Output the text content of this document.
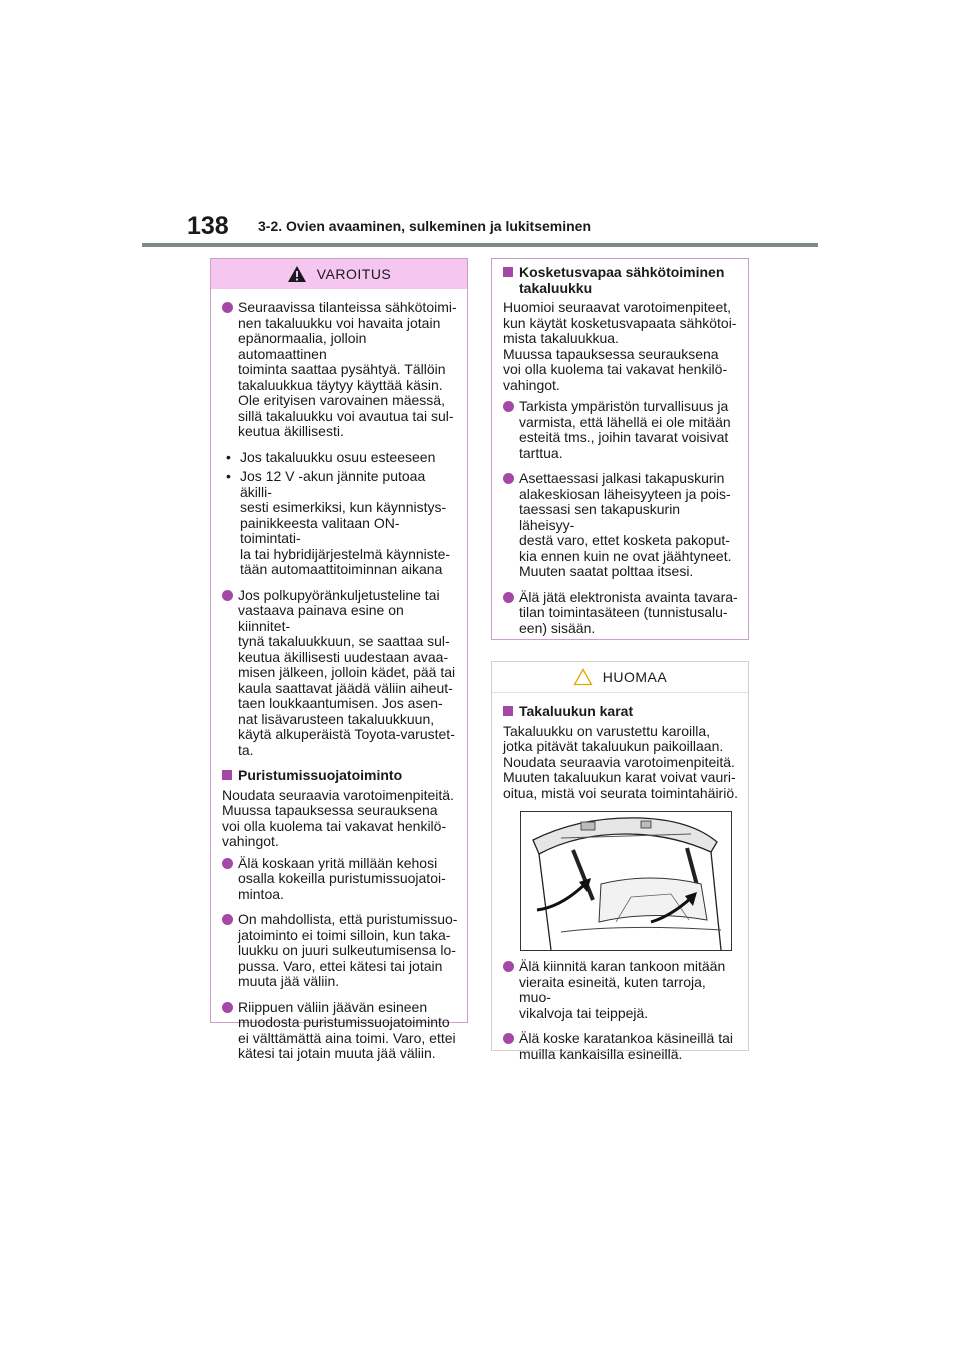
138 3-2. Ovien avaaminen, sulkeminen ja lukitseminen
VAROITUS
Seuraavissa tilanteissa sähkötoimi-
nen takaluukku voi havaita jotain
epänormaalia, jolloin automaattinen
toiminta saattaa pysähtyä. Tällöin
takaluukkua täytyy käyttää käsin.
Ole erityisen varovainen mäessä,
sillä takaluukku voi avautua tai sul-
keutua äkillisesti.
• Jos takaluukku osuu esteeseen
• Jos 12 V -akun jännite putoaa äkilli-
sesti esimerkiksi, kun käynnistys-
painikkeesta valitaan ON-toimintati-
la tai hybridijärjestelmä käynniste-
tään automaattitoiminnan aikana
Jos polkupyöränkuljetusteline tai
vastaava painava esine on kiinnitet-
tynä takaluukkuun, se saattaa sul-
keutua äkillisesti uudestaan avaa-
misen jälkeen, jolloin kädet, pää tai
kaula saattavat jäädä väliin aiheut-
taen loukkaantumisen. Jos asen-
nat lisävarusteen takaluukkuun,
käytä alkuperäistä Toyota-varustet-
ta.
Puristumissuojatoiminto
Noudata seuraavia varotoimenpiteitä.
Muussa tapauksessa seurauksena
voi olla kuolema tai vakavat henkilö-
vahingot.
Älä koskaan yritä millään kehosi
osalla kokeilla puristumissuojatoi-
mintoa.
On mahdollista, että puristumissuo-
jatoiminto ei toimi silloin, kun taka-
luukku on juuri sulkeutumisensa lo-
pussa. Varo, ettei kätesi tai jotain
muuta jää väliin.
Riippuen väliin jäävän esineen
muodosta puristumissuojatoiminto
ei välttämättä aina toimi. Varo, ettei
kätesi tai jotain muuta jää väliin.
Kosketusvapaa sähkötoiminen
takaluukku
Huomioi seuraavat varotoimenpiteet,
kun käytät kosketusvapaata sähkötoi-
mista takaluukkua.
Muussa tapauksessa seurauksena
voi olla kuolema tai vakavat henkilö-
vahingot.
Tarkista ympäristön turvallisuus ja
varmista, että lähellä ei ole mitään
esteitä tms., joihin tavarat voisivat
tarttua.
Asettaessasi jalkasi takapuskurin
alakeskiosan läheisyyteen ja pois-
taessasi sen takapuskurin läheisyy-
destä varo, ettet kosketa pakoput-
kia ennen kuin ne ovat jäähtyneet.
Muuten saatat polttaa itsesi.
Älä jätä elektronista avainta tavara-
tilan toimintasäteen (tunnistusalu-
een) sisään.
HUOMAA
Takaluukun karat
Takaluukku on varustettu karoilla,
jotka pitävät takaluukun paikoillaan.
Noudata seuraavia varotoimenpiteitä.
Muuten takaluukun karat voivat vauri-
oitua, mistä voi seurata toimintahäiriö.
Älä kiinnitä karan tankoon mitään
vieraita esineitä, kuten tarroja, muo-
vikalvoja tai teippejä.
Älä koske karatankoa käsineillä tai
muilla kankaisilla esineillä.
